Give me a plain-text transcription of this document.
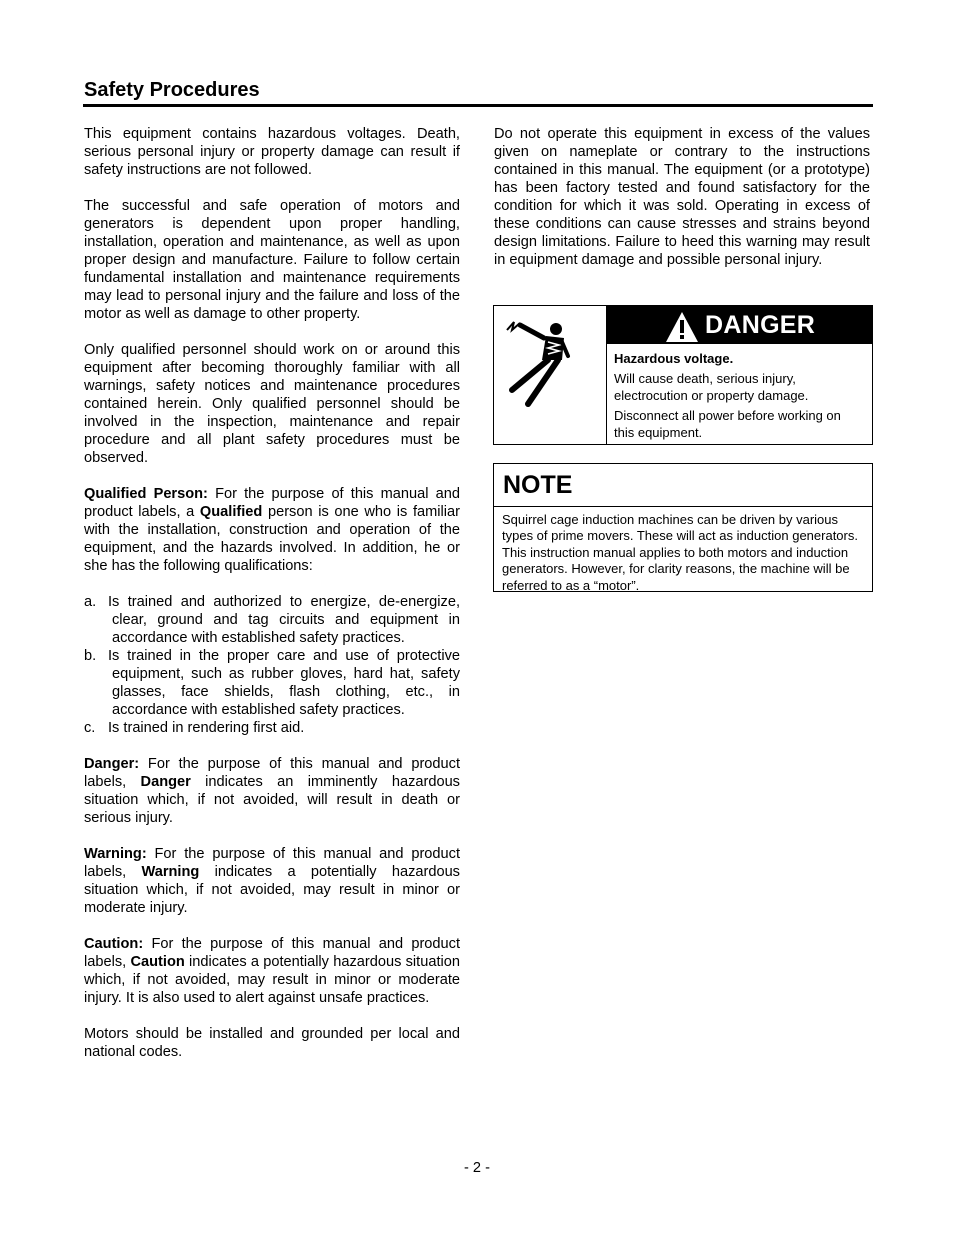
Safety Procedures

This equipment contains hazardous voltages. Death, serious personal injury or property damage can result if safety instructions are not followed.

The successful and safe operation of motors and generators is dependent upon proper handling, installation, operation and maintenance, as well as upon proper design and manufacture. Failure to follow certain fundamental installation and maintenance requirements may lead to personal injury and the failure and loss of the motor as well as damage to other property.

Only qualified personnel should work on or around this equipment after becoming thoroughly familiar with all warnings, safety notices and maintenance procedures contained herein. Only qualified personnel should be involved in the inspection, maintenance and repair procedure and all plant safety procedures must be observed.

Qualified Person: For the purpose of this manual and product labels, a Qualified person is one who is familiar with the installation, construction and operation of the equipment, and the hazards involved. In addition, he or she has the following qualifications:

a. Is trained and authorized to energize, de-energize, clear, ground and tag circuits and equipment in accordance with established safety practices.
b. Is trained in the proper care and use of protective equipment, such as rubber gloves, hard hat, safety glasses, face shields, flash clothing, etc., in accordance with established safety practices.
c. Is trained in rendering first aid.

Danger: For the purpose of this manual and product labels, Danger indicates an imminently hazardous situation which, if not avoided, will result in death or serious injury.

Warning: For the purpose of this manual and product labels, Warning indicates a potentially hazardous situation which, if not avoided, may result in minor or moderate injury.

Caution: For the purpose of this manual and product labels, Caution indicates a potentially hazardous situation which, if not avoided, may result in minor or moderate injury. It is also used to alert against unsafe practices.

Motors should be installed and grounded per local and national codes.

Do not operate this equipment in excess of the values given on nameplate or contrary to the instructions contained in this manual. The equipment (or a prototype) has been factory tested and found satisfactory for the condition for which it was sold. Operating in excess of these conditions can cause stresses and strains beyond design limitations. Failure to heed this warning may result in equipment damage and possible personal injury.

DANGER

Hazardous voltage.

Will cause death, serious injury, electrocution or property damage.

Disconnect all power before working on this equipment.

NOTE
Squirrel cage induction machines can be driven by various types of prime movers. These will act as induction generators. This instruction manual applies to both motors and induction generators. However, for clarity reasons, the machine will be referred to as a “motor”.
- 2 -
